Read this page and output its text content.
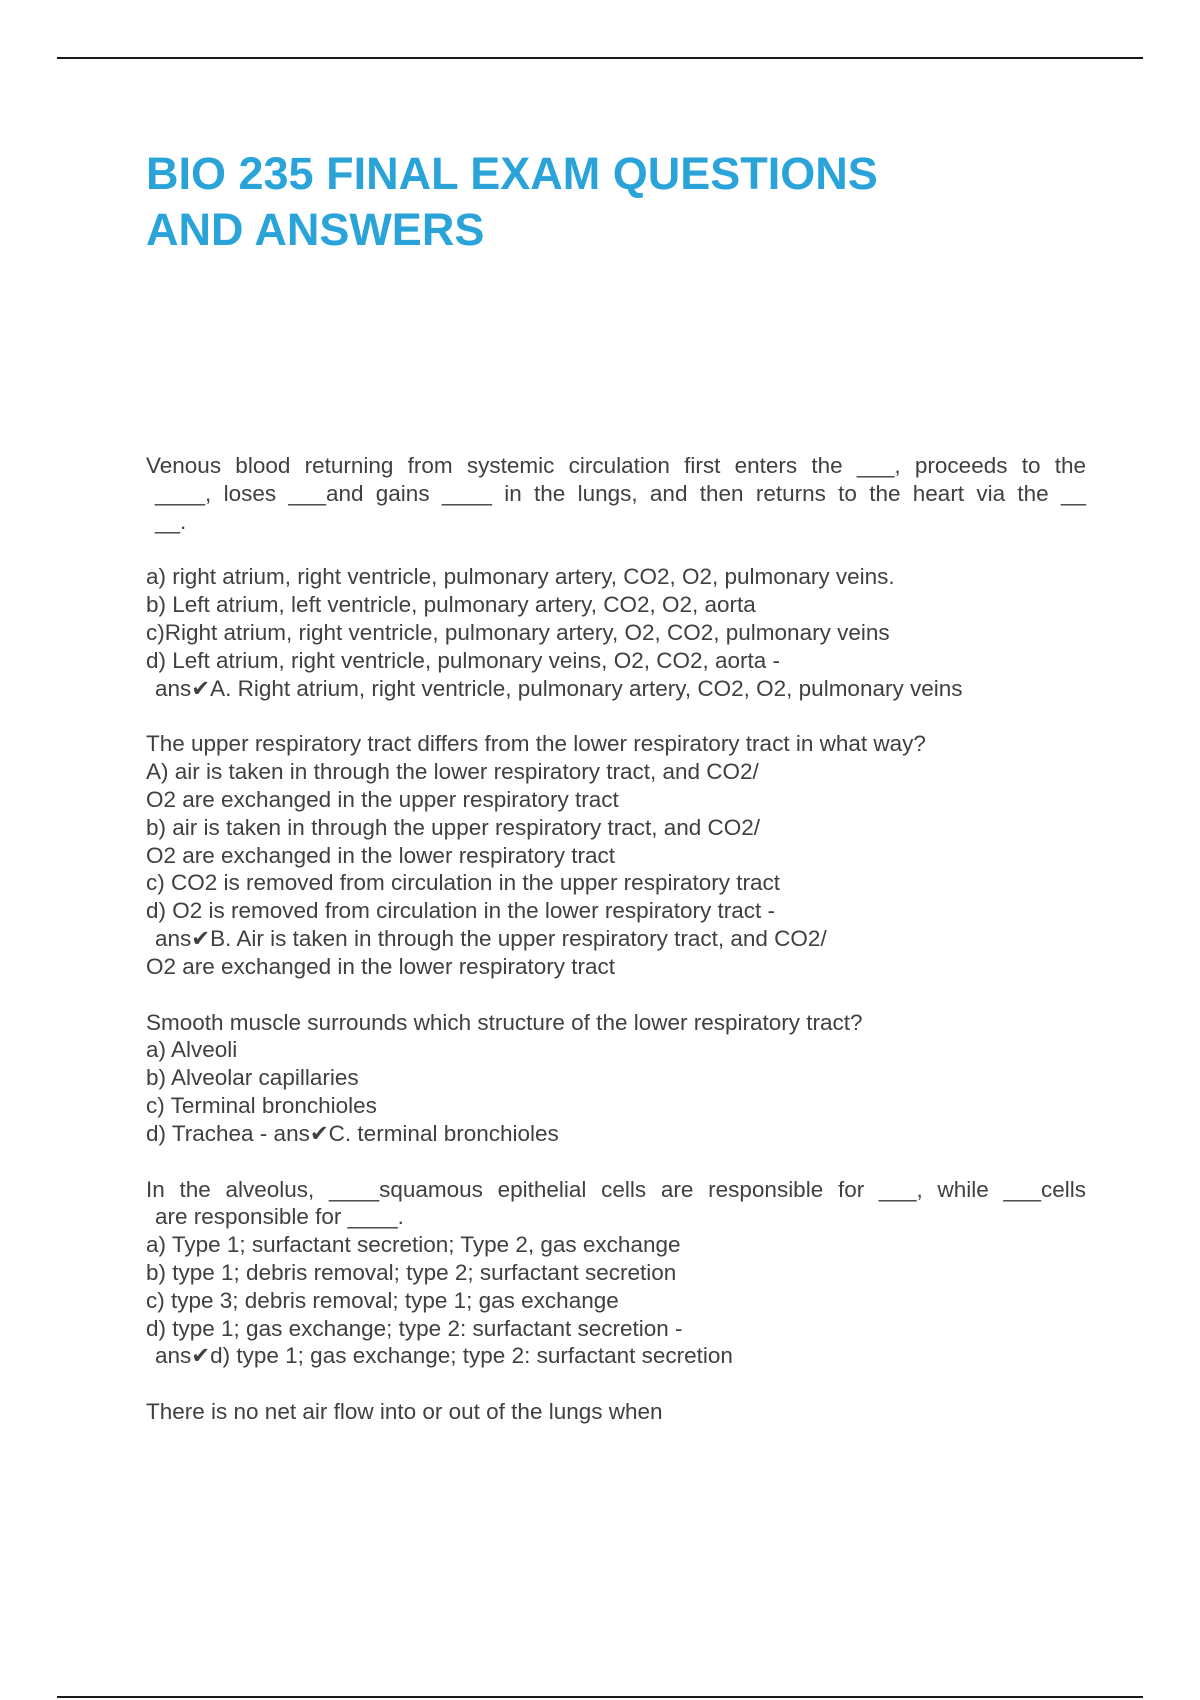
BIO 235 FINAL EXAM QUESTIONS
AND ANSWERS
Venous blood returning from systemic circulation first enters the ___, proceeds to the
____, loses ___and gains ____ in the lungs, and then returns to the heart via the __
__.
a) right atrium, right ventricle, pulmonary artery, CO2, O2, pulmonary veins.
b) Left atrium, left ventricle, pulmonary artery, CO2, O2, aorta
c)Right atrium, right ventricle, pulmonary artery, O2, CO2, pulmonary veins
d) Left atrium, right ventricle, pulmonary veins, O2, CO2, aorta -
ans✔A. Right atrium, right ventricle, pulmonary artery, CO2, O2, pulmonary veins
The upper respiratory tract differs from the lower respiratory tract in what way?
A) air is taken in through the lower respiratory tract, and CO2/
O2 are exchanged in the upper respiratory tract
b) air is taken in through the upper respiratory tract, and CO2/
O2 are exchanged in the lower respiratory tract
c) CO2 is removed from circulation in the upper respiratory tract
d) O2 is removed from circulation in the lower respiratory tract -
ans✔B. Air is taken in through the upper respiratory tract, and CO2/
O2 are exchanged in the lower respiratory tract
Smooth muscle surrounds which structure of the lower respiratory tract?
a) Alveoli
b) Alveolar capillaries
c) Terminal bronchioles
d) Trachea - ans✔C. terminal bronchioles
In the alveolus, ____squamous epithelial cells are responsible for ___, while ___cells
are responsible for ____.
a) Type 1; surfactant secretion; Type 2, gas exchange
b) type 1; debris removal; type 2; surfactant secretion
c) type 3; debris removal; type 1; gas exchange
d) type 1; gas exchange; type 2: surfactant secretion -
ans✔d) type 1; gas exchange; type 2: surfactant secretion
There is no net air flow into or out of the lungs when
